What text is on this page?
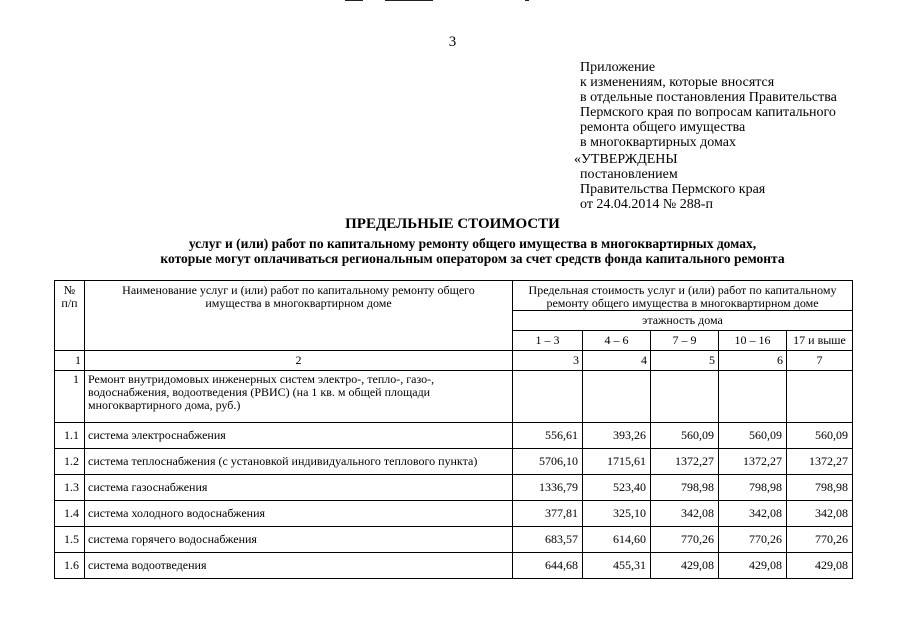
3
Приложение
к изменениям, которые вносятся
в отдельные постановления Правительства
Пермского края по вопросам капитального
ремонта общего имущества
в многоквартирных домах
«УТВЕРЖДЕНЫ
постановлением
Правительства Пермского края
от 24.04.2014 № 288-п
ПРЕДЕЛЬНЫЕ СТОИМОСТИ
услуг и (или) работ по капитальному ремонту общего имущества в многоквартирных домах,
которые могут оплачиваться региональным оператором за счет средств фонда капитального ремонта
№ п/п	Наименование услуг и (или) работ по капитальному ремонту общего имущества в многоквартирном доме	Предельная стоимость услуг и (или) работ по капитальному ремонту общего имущества в многоквартирном доме				
		этажность дома				
		1 – 3	4 – 6	7 – 9	10 – 16	17 и выше
1	2	3	4	5	6	7
1	Ремонт внутридомовых инженерных систем электро-, тепло-, газо-, водоснабжения, водоотведения (РВИС) (на 1 кв. м общей площади многоквартирного дома, руб.)					
1.1	система электроснабжения	556,61	393,26	560,09	560,09	560,09
1.2	система теплоснабжения (с установкой индивидуального теплового пункта)	5706,10	1715,61	1372,27	1372,27	1372,27
1.3	система газоснабжения	1336,79	523,40	798,98	798,98	798,98
1.4	система холодного водоснабжения	377,81	325,10	342,08	342,08	342,08
1.5	система горячего водоснабжения	683,57	614,60	770,26	770,26	770,26
1.6	система водоотведения	644,68	455,31	429,08	429,08	429,08
